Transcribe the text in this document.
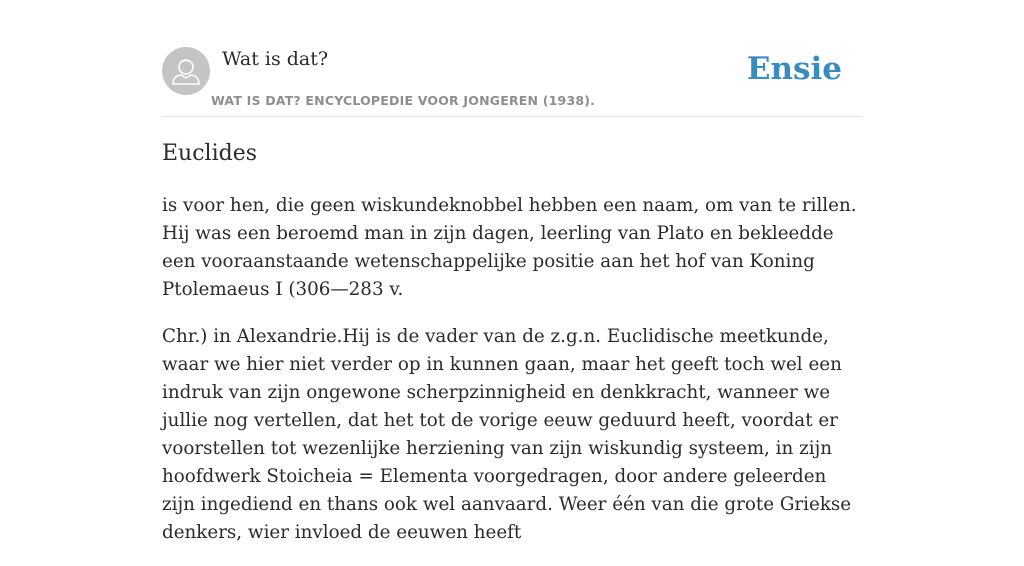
Wat is dat?
WAT IS DAT? ENCYCLOPEDIE VOOR JONGEREN (1938).
Ensie
Euclides

is voor hen, die geen wiskundeknobbel hebben een naam, om van te rillen. Hij was een beroemd man in zijn dagen, leerling van Plato en bekleedde een vooraanstaande wetenschappelijke positie aan het hof van Koning Ptolemaeus I (306—283 v.

Chr.) in Alexandrie.Hij is de vader van de z.g.n. Euclidische meetkunde, waar we hier niet verder op in kunnen gaan, maar het geeft toch wel een indruk van zijn ongewone scherpzinnigheid en denkkracht, wanneer we jullie nog vertellen, dat het tot de vorige eeuw geduurd heeft, voordat er voorstellen tot wezenlijke herziening van zijn wiskundig systeem, in zijn hoofdwerk Stoicheia = Elementa voorgedragen, door andere geleerden zijn ingediend en thans ook wel aanvaard. Weer één van die grote Griekse denkers, wier invloed de eeuwen heeft
